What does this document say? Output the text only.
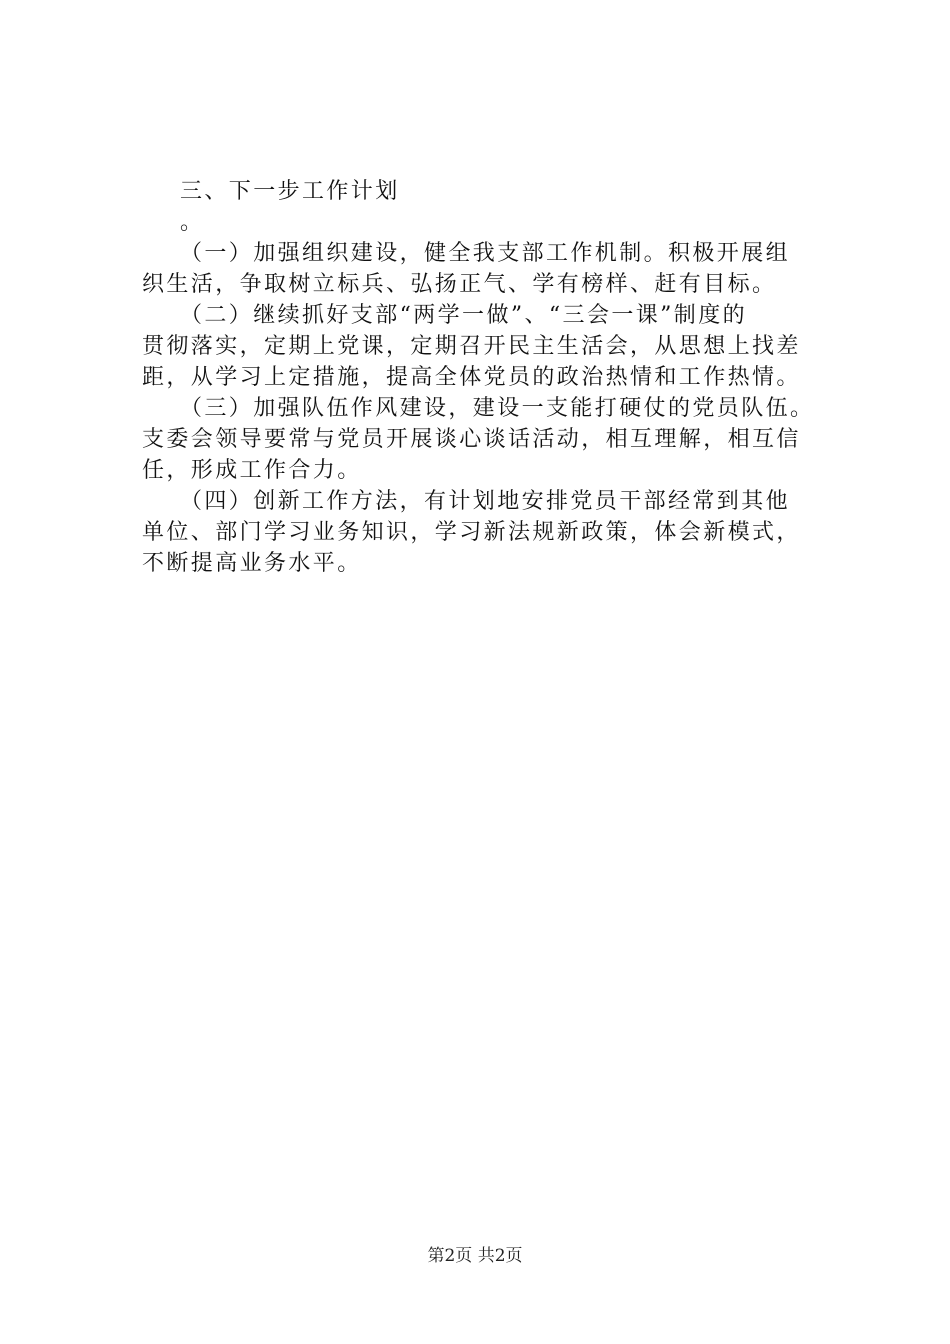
三、下一步工作计划
。
（一）加强组织建设，健全我支部工作机制。积极开展组
织生活，争取树立标兵、弘扬正气、学有榜样、赶有目标。
（二）继续抓好支部“两学一做”、“三会一课”制度的
贯彻落实，定期上党课，定期召开民主生活会，从思想上找差
距，从学习上定措施，提高全体党员的政治热情和工作热情。
（三）加强队伍作风建设，建设一支能打硬仗的党员队伍。
支委会领导要常与党员开展谈心谈话活动，相互理解，相互信
任，形成工作合力。
（四）创新工作方法，有计划地安排党员干部经常到其他
单位、部门学习业务知识，学习新法规新政策，体会新模式，
不断提高业务水平。
第2页 共2页
